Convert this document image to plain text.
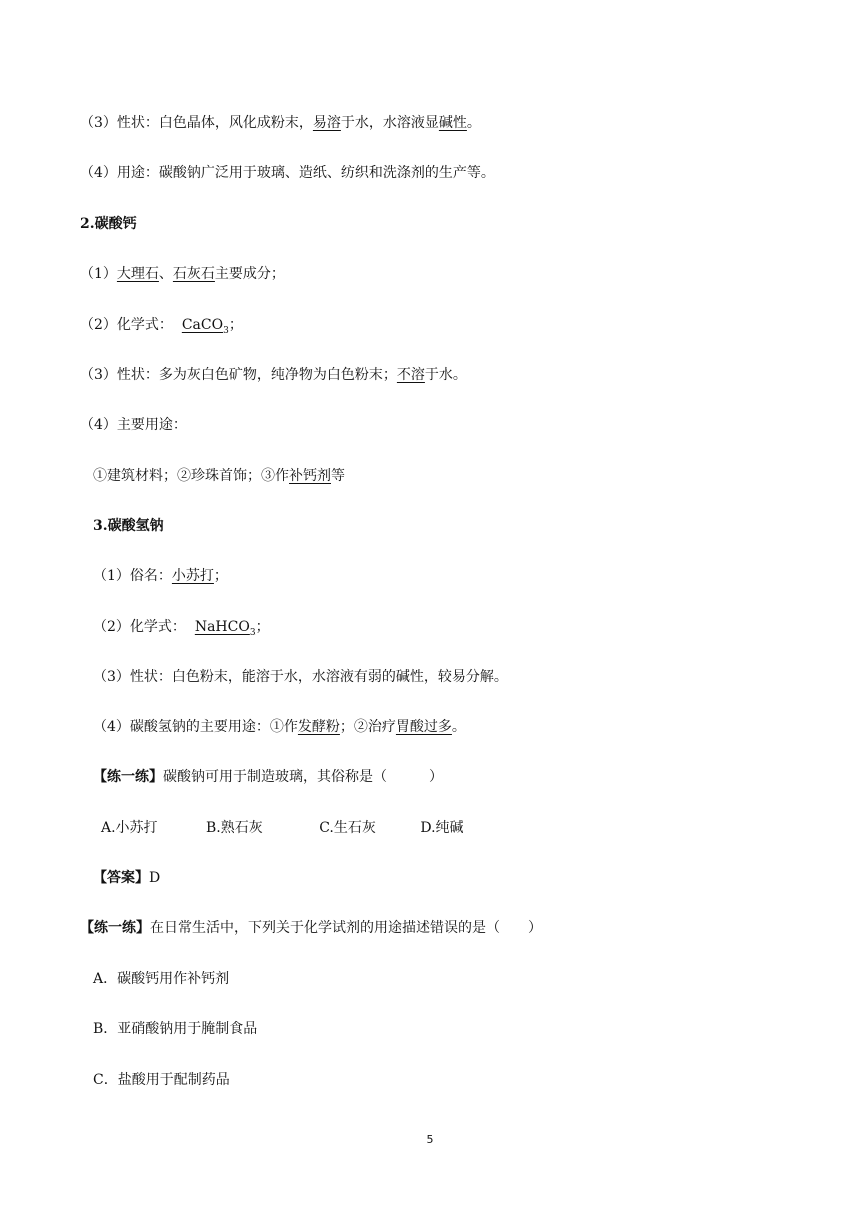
（3）性状：白色晶体，风化成粉末，易溶于水，水溶液显碱性。
（4）用途：碳酸钠广泛用于玻璃、造纸、纺织和洗涤剂的生产等。
2.碳酸钙
（1）大理石、石灰石主要成分；
（2）化学式： CaCO$_3$；
（3）性状：多为灰白色矿物，纯净物为白色粉末；不溶于水。
（4）主要用途：
①建筑材料；②珍珠首饰；③作补钙剂等
3.碳酸氢钠
（1）俗名：小苏打；
（2）化学式： NaHCO$_3$；
（3）性状：白色粉末，能溶于水，水溶液有弱的碱性，较易分解。
（4）碳酸氢钠的主要用途：①作发酵粉；②治疗胃酸过多。
【练一练】碳酸钠可用于制造玻璃，其俗称是（　　　）
A.小苏打	B.熟石灰	C.生石灰	D.纯碱
【答案】D
【练一练】在日常生活中，下列关于化学试剂的用途描述错误的是（　　）
A．碳酸钙用作补钙剂
B．亚硝酸钠用于腌制食品
C．盐酸用于配制药品
5
